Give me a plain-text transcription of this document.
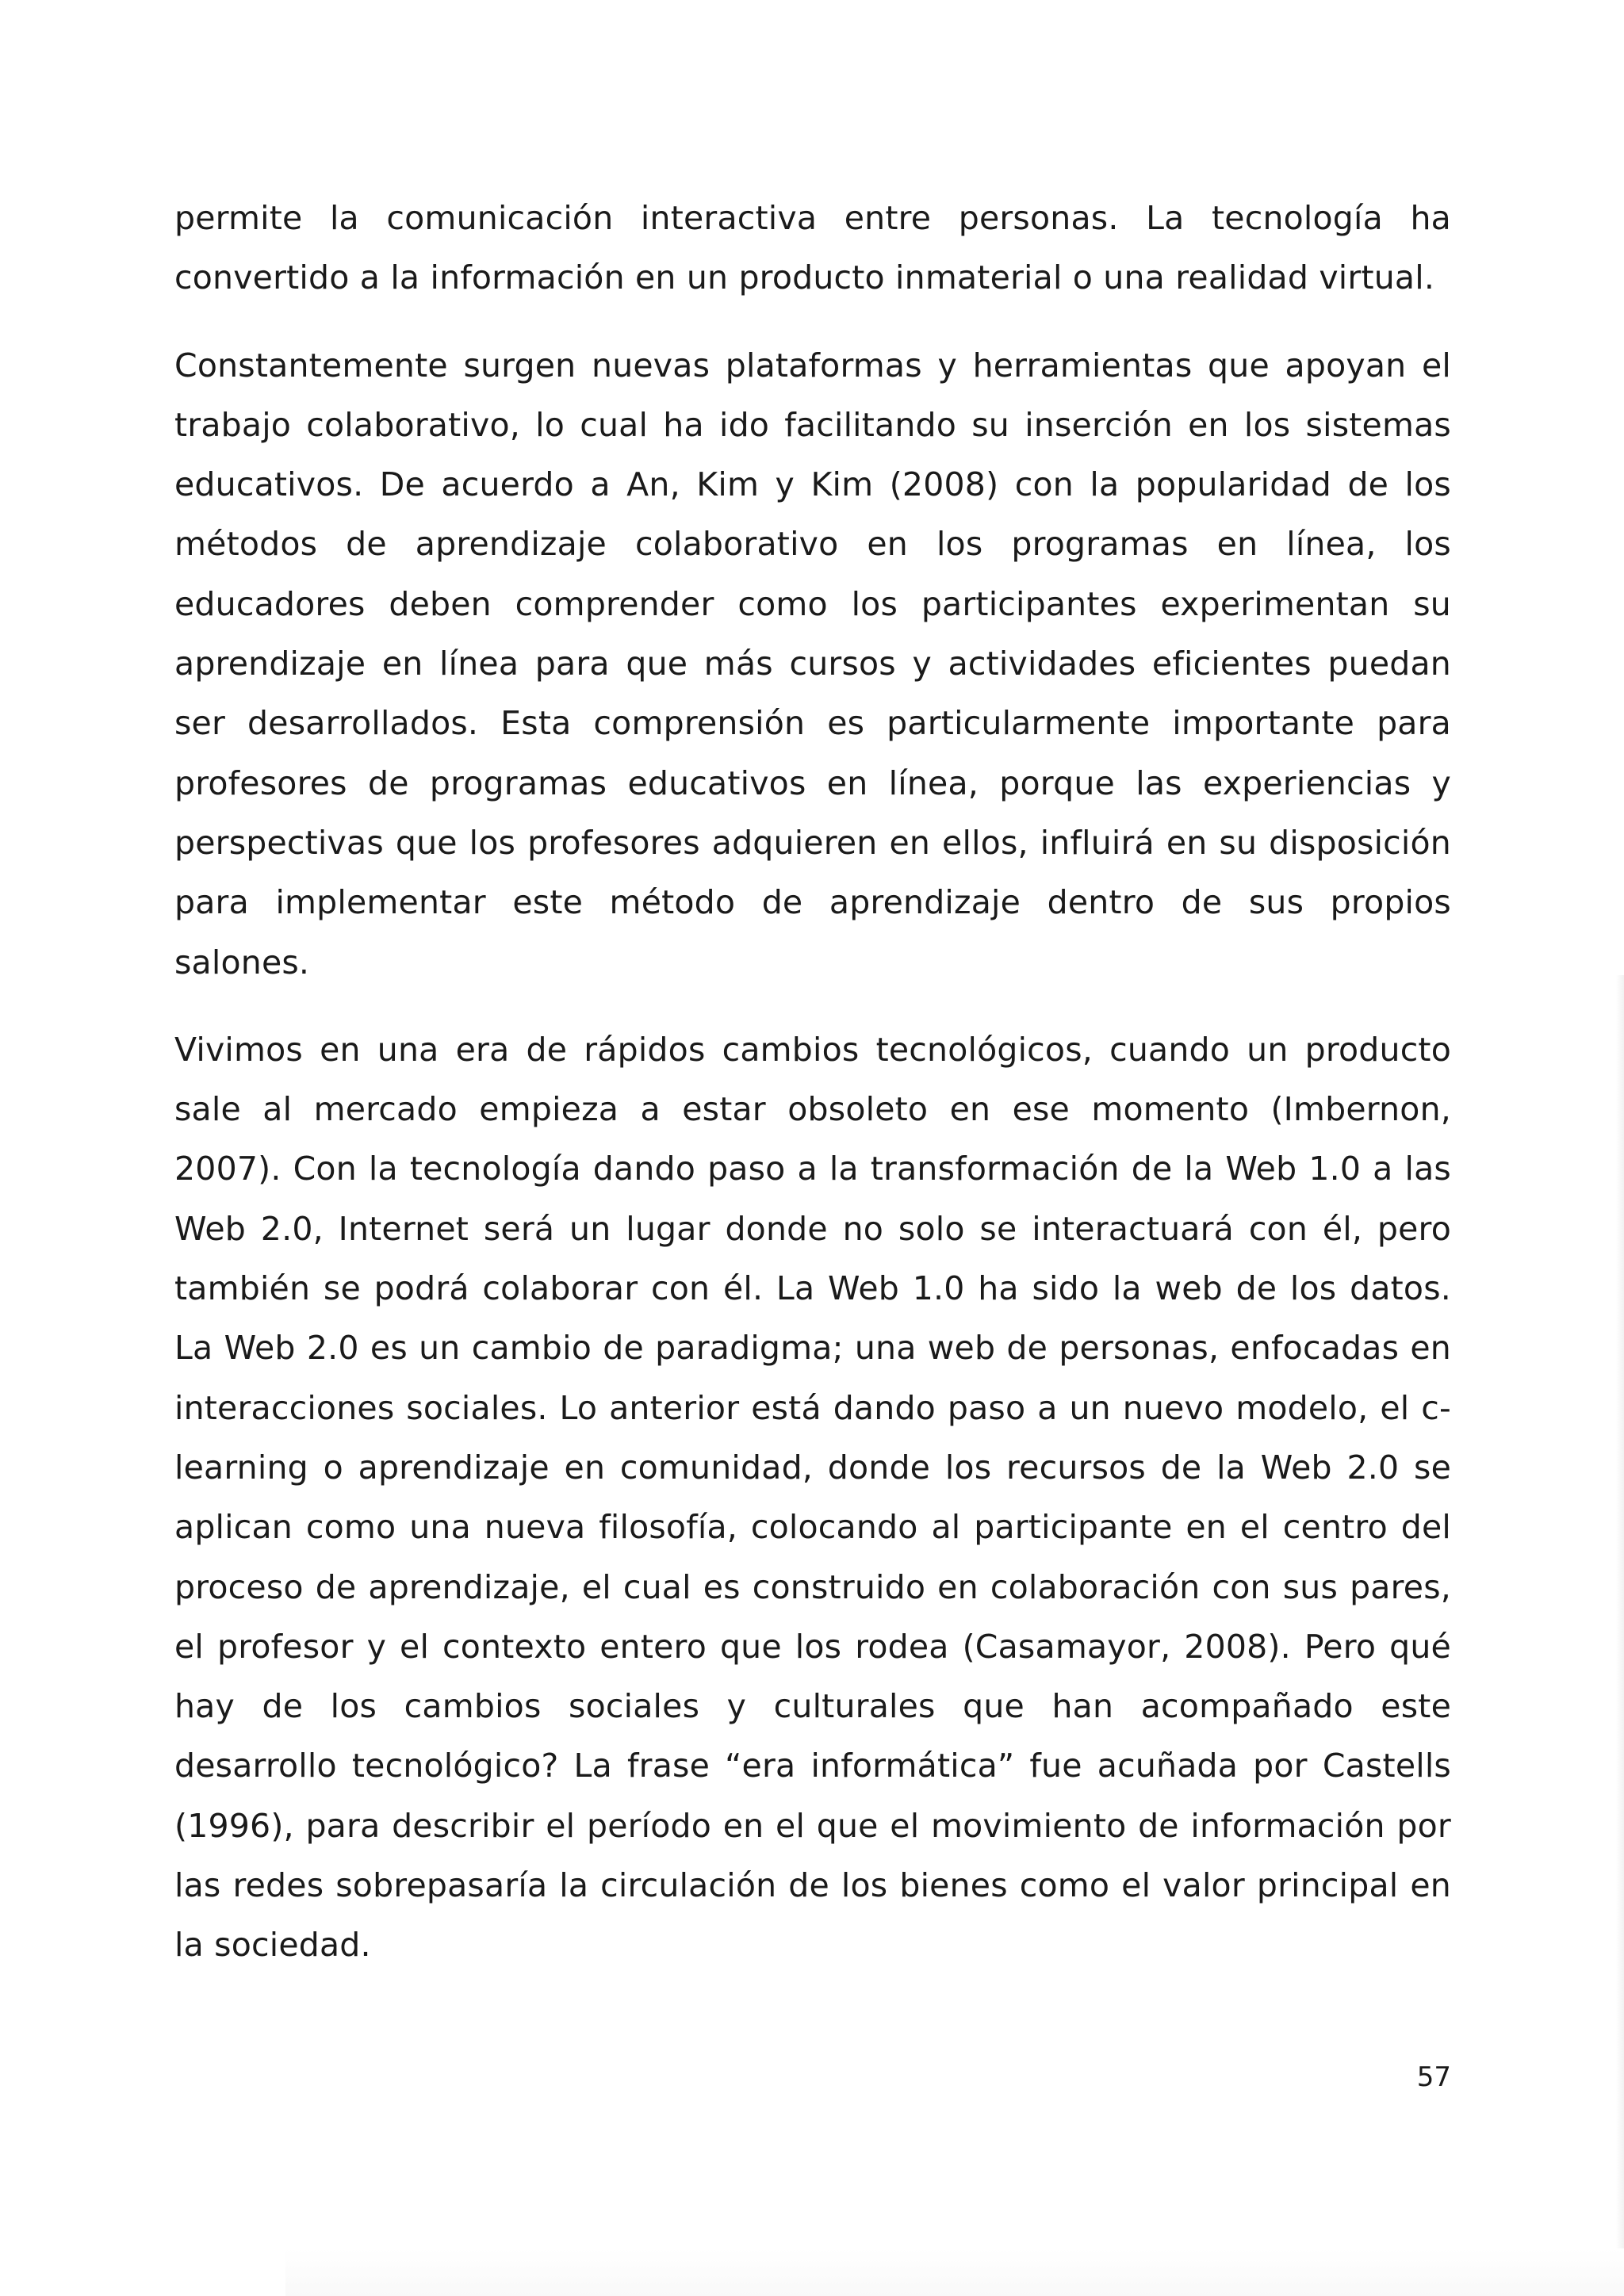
permite la comunicación interactiva entre personas. La tecnología ha convertido a la información en un producto inmaterial o una realidad virtual.

Constantemente surgen nuevas plataformas y herramientas que apoyan el trabajo colaborativo, lo cual ha ido facilitando su inserción en los sistemas educativos. De acuerdo a An, Kim y Kim (2008) con la popularidad de los métodos de aprendizaje colaborativo en los programas en línea, los educadores deben comprender como los participantes experimentan su aprendizaje en línea para que más cursos y actividades eficientes puedan ser desarrollados. Esta comprensión es particularmente importante para profesores de programas educativos en línea, porque las experiencias y perspectivas que los profesores adquieren en ellos, influirá en su disposición para implementar este método de aprendizaje dentro de sus propios salones.

Vivimos en una era de rápidos cambios tecnológicos, cuando un producto sale al mercado empieza a estar obsoleto en ese momento (Imbernon, 2007). Con la tecnología dando paso a la transformación de la Web 1.0 a las Web 2.0, Internet será un lugar donde no solo se interactuará con él, pero también se podrá colaborar con él. La Web 1.0 ha sido la web de los datos. La Web 2.0 es un cambio de paradigma; una web de personas, enfocadas en interacciones sociales. Lo anterior está dando paso a un nuevo modelo, el c-learning o aprendizaje en comunidad, donde los recursos de la Web 2.0 se aplican como una nueva filosofía, colocando al participante en el centro del proceso de aprendizaje, el cual es construido en colaboración con sus pares, el profesor y el contexto entero que los rodea (Casamayor, 2008). Pero qué hay de los cambios sociales y culturales que han acompañado este desarrollo tecnológico? La frase “era informática” fue acuñada por Castells (1996), para describir el período en el que el movimiento de información por las redes sobrepasaría la circulación de los bienes como el valor principal en la sociedad.

57
